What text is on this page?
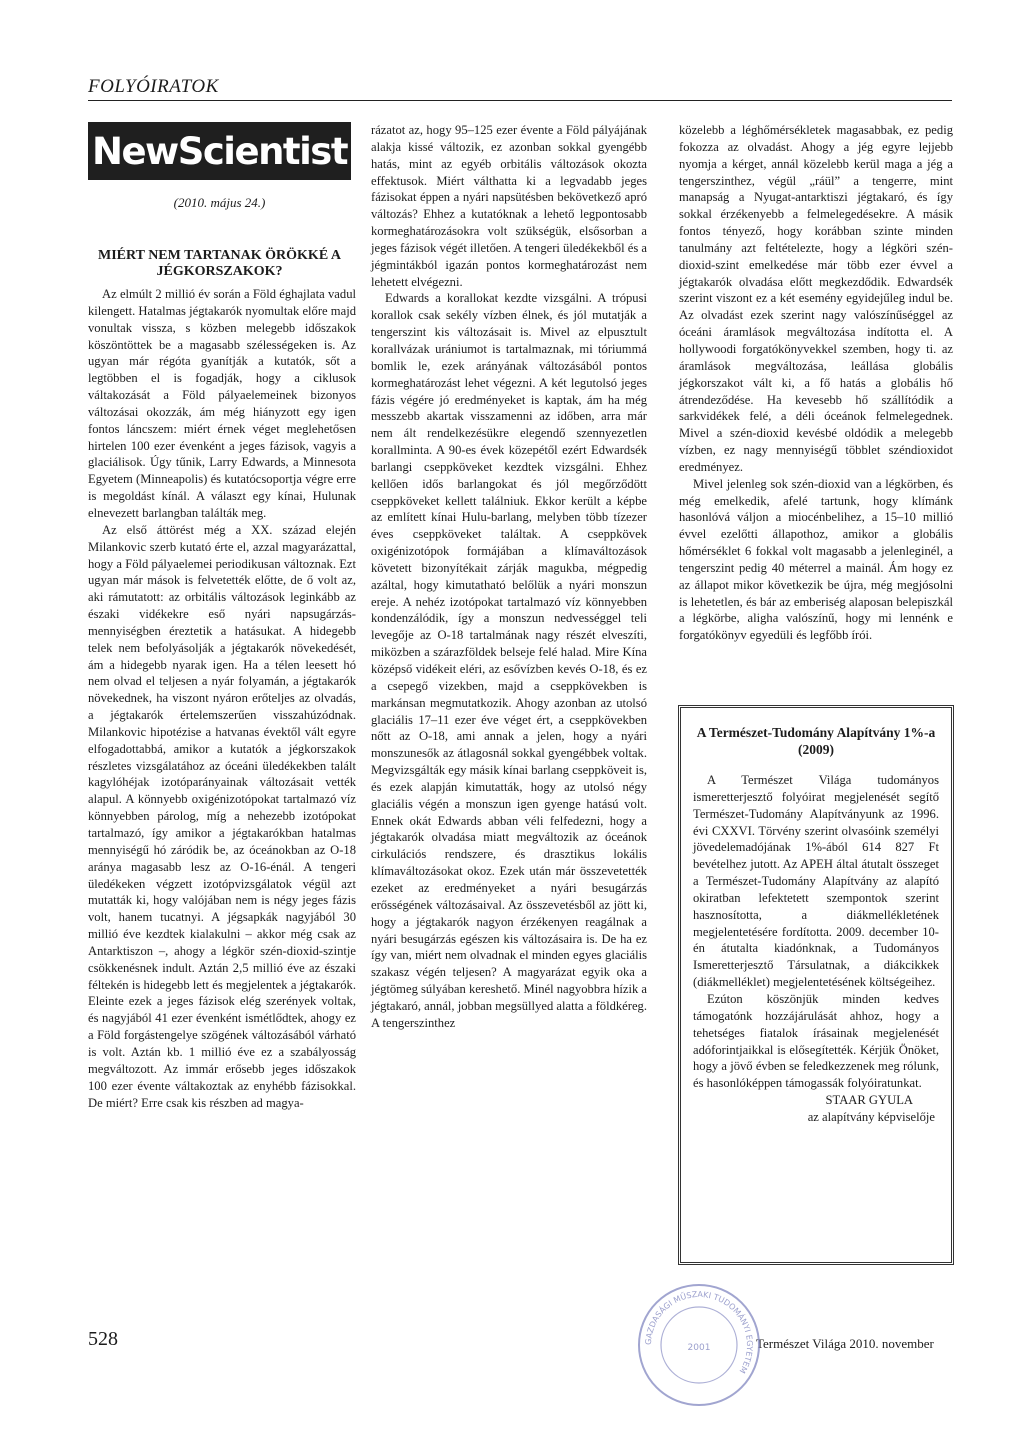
FOLYÓIRATOK
NewScientist
(2010. május 24.)
MIÉRT NEM TARTANAK ÖRÖKKÉ A JÉGKORSZAKOK?

Az elmúlt 2 millió év során a Föld éghajlata vadul kilengett. Hatalmas jégtakarók nyomultak előre majd vonultak vissza, s közben melegebb időszakok köszöntöttek be a magasabb szélességeken is. Az ugyan már régóta gyanítják a kutatók, sőt a legtöbben el is fogadják, hogy a ciklusok váltakozását a Föld pályaelemeinek bizonyos változásai okozzák, ám még hiányzott egy igen fontos láncszem: miért érnek véget meglehetősen hirtelen 100 ezer évenként a jeges fázisok, vagyis a glaciálisok. Úgy tűnik, Larry Edwards, a Minnesota Egyetem (Minneapolis) és kutatócsoportja végre erre is megoldást kínál. A választ egy kínai, Hulunak elnevezett barlangban találták meg.

Az első áttörést még a XX. század elején Milankovic szerb kutató érte el, azzal magyarázattal, hogy a Föld pályaelemei periodikusan változnak. Ezt ugyan már mások is felvetették előtte, de ő volt az, aki rámutatott: az orbitális változások leginkább az északi vidékekre eső nyári napsugárzás-mennyiségben éreztetik a hatásukat. A hidegebb telek nem befolyásolják a jégtakarók növekedését, ám a hidegebb nyarak igen. Ha a télen leesett hó nem olvad el teljesen a nyár folyamán, a jégtakarók növekednek, ha viszont nyáron erőteljes az olvadás, a jégtakarók értelemszerűen visszahúzódnak. Milankovic hipotézise a hatvanas évektől vált egyre elfogadottabbá, amikor a kutatók a jégkorszakok részletes vizsgálatához az óceáni üledékekben talált kagylóhéjak izotóparányainak változásait vették alapul. A könnyebb oxigénizotópokat tartalmazó víz könnyebben párolog, míg a nehezebb izotópokat tartalmazó, így amikor a jégtakarókban hatalmas mennyiségű hó záródik be, az óceánokban az O-18 aránya magasabb lesz az O-16-énál. A tengeri üledékeken végzett izotópvizsgálatok végül azt mutatták ki, hogy valójában nem is négy jeges fázis volt, hanem tucatnyi. A jégsapkák nagyjából 30 millió éve kezdtek kialakulni – akkor még csak az Antarktiszon –, ahogy a légkör szén-dioxid-szintje csökkenésnek indult. Aztán 2,5 millió éve az északi féltekén is hidegebb lett és megjelentek a jégtakarók. Eleinte ezek a jeges fázisok elég szerények voltak, és nagyjából 41 ezer évenként ismétlődtek, ahogy ez a Föld forgástengelye szögének változásából várható is volt. Aztán kb. 1 millió éve ez a szabályosság megváltozott. Az immár erősebb jeges időszakok 100 ezer évente váltakoztak az enyhébb fázisokkal. De miért? Erre csak kis részben ad magya-

rázatot az, hogy 95–125 ezer évente a Föld pályájának alakja kissé változik, ez azonban sokkal gyengébb hatás, mint az egyéb orbitális változások okozta effektusok. Miért válthatta ki a legvadabb jeges fázisokat éppen a nyári napsütésben bekövetkező apró változás? Ehhez a kutatóknak a lehető legpontosabb kormeghatározásokra volt szükségük, elsősorban a jeges fázisok végét illetően. A tengeri üledékekből és a jégmintákból igazán pontos kormeghatározást nem lehetett elvégezni.

Edwards a korallokat kezdte vizsgálni. A trópusi korallok csak sekély vízben élnek, és jól mutatják a tengerszint kis változásait is. Mivel az elpusztult korallvázak urániumot is tartalmaznak, mi tóriummá bomlik le, ezek arányának változásából pontos kormeghatározást lehet végezni. A két legutolsó jeges fázis végére jó eredményeket is kaptak, ám ha még messzebb akartak visszamenni az időben, arra már nem ált rendelkezésükre elegendő szennyezetlen korallminta. A 90-es évek közepétől ezért Edwardsék barlangi cseppköveket kezdtek vizsgálni. Ehhez kellően idős barlangokat és jól megőrződött cseppköveket kellett találniuk. Ekkor került a képbe az említett kínai Hulu-barlang, melyben több tízezer éves cseppköveket találtak. A cseppkövek oxigénizotópok formájában a klímaváltozások követett bizonyítékait zárják magukba, mégpedig azáltal, hogy kimutatható belőlük a nyári monszun ereje. A nehéz izotópokat tartalmazó víz könnyebben kondenzálódik, így a monszun nedvességgel teli levegője az O-18 tartalmának nagy részét elveszíti, miközben a szárazföldek belseje felé halad. Mire Kína középső vidékeit eléri, az esővízben kevés O-18, és ez a csepegő vizekben, majd a cseppkövekben is markánsan megmutatkozik. Ahogy azonban az utolsó glaciális 17–11 ezer éve véget ért, a cseppkövekben nőtt az O-18, ami annak a jelen, hogy a nyári monszunesők az átlagosnál sokkal gyengébbek voltak. Megvizsgálták egy másik kínai barlang cseppköveit is, és ezek alapján kimutatták, hogy az utolsó négy glaciális végén a monszun igen gyenge hatású volt. Ennek okát Edwards abban véli felfedezni, hogy a jégtakarók olvadása miatt megváltozik az óceánok cirkulációs rendszere, és drasztikus lokális klímaváltozásokat okoz. Ezek után már összevetették ezeket az eredményeket a nyári besugárzás erősségének változásaival. Az összevetésből az jött ki, hogy a jégtakarók nagyon érzékenyen reagálnak a nyári besugárzás egészen kis változásaira is. De ha ez így van, miért nem olvadnak el minden egyes glaciális szakasz végén teljesen? A magyarázat egyik oka a jégtömeg súlyában kereshető. Minél nagyobbra hízik a jégtakaró, annál, jobban megsüllyed alatta a földkéreg. A tengerszinthez

közelebb a léghőmérsékletek magasabbak, ez pedig fokozza az olvadást. Ahogy a jég egyre lejjebb nyomja a kérget, annál közelebb kerül maga a jég a tengerszinthez, végül „ráül” a tengerre, mint manapság a Nyugat-antarktiszi jégtakaró, és így sokkal érzékenyebb a felmelegedésekre. A másik fontos tényező, hogy korábban szinte minden tanulmány azt feltételezte, hogy a légköri szén-dioxid-szint emelkedése már több ezer évvel a jégtakarók olvadása előtt megkezdődik. Edwardsék szerint viszont ez a két esemény egyidejűleg indul be. Az olvadást ezek szerint nagy valószínűséggel az óceáni áramlások megváltozása indította el. A hollywoodi forgatókönyvekkel szemben, hogy ti. az áramlások megváltozása, leállása globális jégkorszakot vált ki, a fő hatás a globális hő átrendeződése. Ha kevesebb hő szállítódik a sarkvidékek felé, a déli óceánok felmelegednek. Mivel a szén-dioxid kevésbé oldódik a melegebb vízben, ez nagy mennyiségű többlet széndioxidot eredményez.

Mivel jelenleg sok szén-dioxid van a légkörben, és még emelkedik, afelé tartunk, hogy klímánk hasonlóvá váljon a miocénbelihez, a 15–10 millió évvel ezelőtti állapothoz, amikor a globális hőmérséklet 6 fokkal volt magasabb a jelenleginél, a tengerszint pedig 40 méterrel a mainál. Ám hogy ez az állapot mikor következik be újra, még megjósolni is lehetetlen, és bár az emberiség alaposan belepiszkál a légkörbe, aligha valószínű, hogy mi lennénk e forgatókönyv egyedüli és legfőbb írói.

A Természet-Tudomány Alapítvány 1%-a (2009)

A Természet Világa tudományos ismeretterjesztő folyóirat megjelenését segítő Természet-Tudomány Alapítványunk az 1996. évi CXXVI. Törvény szerint olvasóink személyi jövedelemadójának 1%-ából 614 827 Ft bevételhez jutott. Az APEH által átutalt összeget a Természet-Tudomány Alapítvány az alapító okiratban lefektetett szempontok szerint hasznosította, a diákmellékletének megjelentetésére fordította. 2009. december 10-én átutalta kiadónknak, a Tudományos Ismeretterjesztő Társulatnak, a diákcikkek (diákmelléklet) megjelentetésének költségeihez.

Ezúton köszönjük minden kedves támogatónk hozzájárulását ahhoz, hogy a tehetséges fiatalok írásainak megjelenését adóforintjaikkal is elősegítették. Kérjük Önöket, hogy a jövő évben se feledkezzenek meg rólunk, és hasonlóképpen támogassák folyóiratunkat.

STAAR GYULA
az alapítvány képviselője
528	Természet Világa 2010. november
GAZDASÁGI MŰSZAKI TUDOMÁNYI EGYETEM
2001
